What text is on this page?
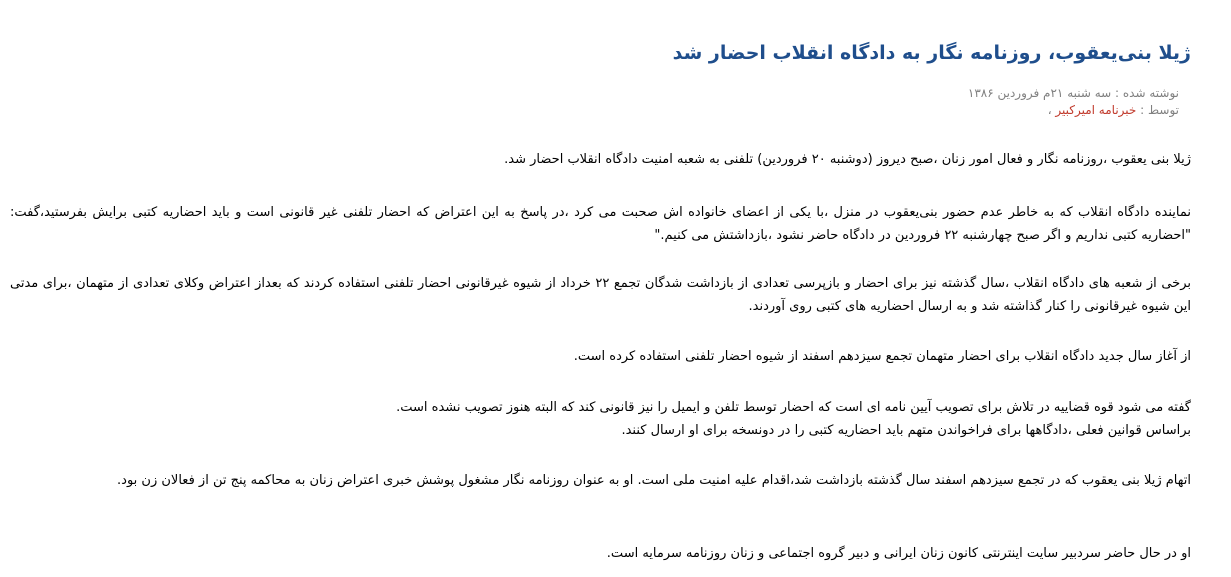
ژیلا بنی‌یعقوب، روزنامه نگار به دادگاه انقلاب احضار شد
نوشته شده : سه شنبه ۲۱م فروردین ۱۳۸۶
توسط : خبرنامه امیرکبیر ،

ژیلا بنی یعقوب ،روزنامه نگار و فعال امور زنان ،صبح دیروز (دوشنبه ۲۰ فروردین) تلفنی به شعبه امنیت دادگاه انقلاب احضار شد.

نماینده دادگاه انقلاب که به خاطر عدم حضور بنی‌یعقوب در منزل ،با یکی از اعضای خانواده اش صحبت می کرد ،در پاسخ به این اعتراض که احضار تلفنی غیر قانونی است و باید احضاریه کتبی برایش بفرستید،گفت: "احضاریه کتبی نداریم و اگر صبح چهارشنبه ۲۲ فروردین در دادگاه حاضر نشود ،بازداشتش می کنیم."

برخی از شعبه های دادگاه انقلاب ،سال گذشته نیز برای احضار و بازپرسی تعدادی از بازداشت شدگان تجمع ۲۲ خرداد از شیوه غیرقانونی احضار تلفنی استفاده کردند که بعداز اعتراض وکلای تعدادی از متهمان ،برای مدتی این شیوه غیرقانونی را کنار گذاشته شد و به ارسال احضاریه های کتبی روی آوردند.

از آغاز سال جدید دادگاه انقلاب برای احضار متهمان تجمع سیزدهم اسفند از شیوه احضار تلفنی استفاده کرده است.

گفته می شود قوه قضاییه در تلاش برای تصویب آیین نامه ای است که احضار توسط تلفن و ایمیل را نیز قانونی کند که البته هنوز تصویب نشده است.

براساس قوانین فعلی ،دادگاهها برای فراخواندن متهم باید احضاریه کتبی را در دونسخه برای او ارسال کنند.

اتهام ژیلا بنی یعقوب که در تجمع سیزدهم اسفند سال گذشته بازداشت شد،اقدام علیه امنیت ملی است. او به عنوان روزنامه نگار مشغول پوشش خبری اعتراض زنان به محاکمه پنج تن از فعالان زن بود.

او در حال حاضر سردبیر سایت اینترنتی کانون زنان ایرانی و دبیر گروه اجتماعی و زنان روزنامه سرمایه است.
